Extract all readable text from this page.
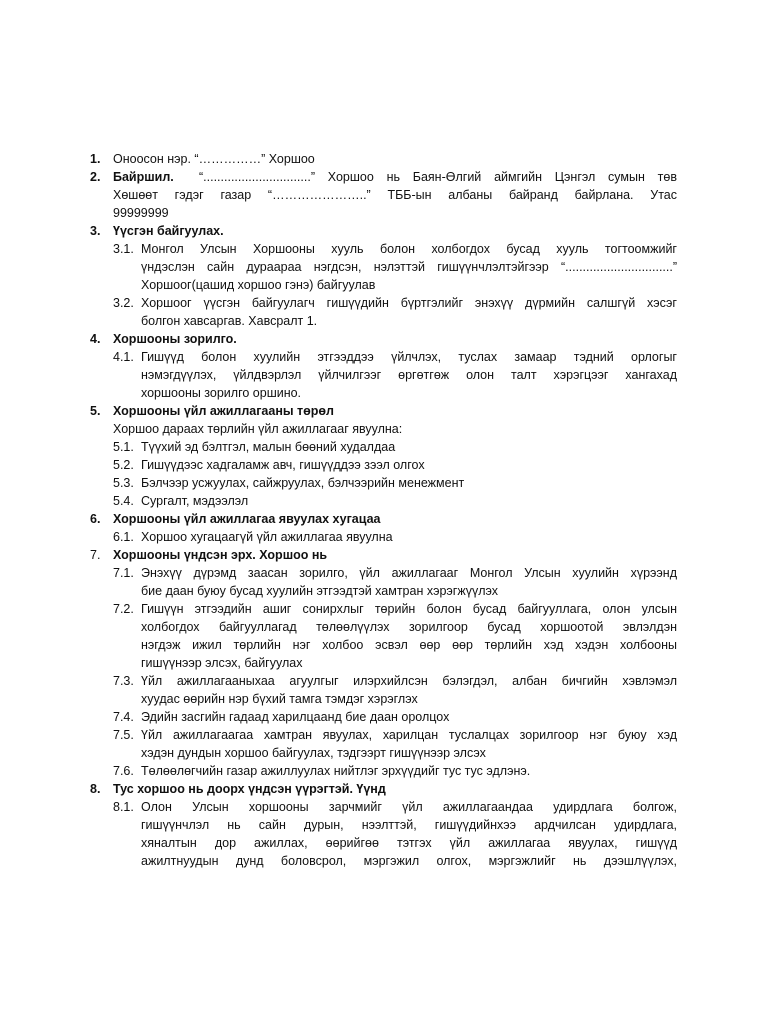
1. Оноосон нэр. “……………” Хоршоо
2. Байршил. “...............................” Хоршоо нь Баян-Өлгий аймгийн Цэнгэл сумын төв
Хөшөөт гэдэг газар “…………………..” ТББ-ын албаны байранд байрлана. Утас
99999999
3. Үүсгэн байгуулах.
3.1. Монгол Улсын Хоршооны хууль болон холбогдох бусад хууль тогтоомжийг
үндэслэн сайн дураараа нэгдсэн, нэлэттэй гишүүнчлэлтэйгээр “...............................”
Хоршоог(цашид хоршоо гэнэ) байгуулав
3.2. Хоршоог үүсгэн байгуулагч гишүүдийн бүртгэлийг энэхүү дүрмийн салшгүй хэсэг
болгон хавсаргав. Хавсралт 1.
4. Хоршооны зорилго.
4.1. Гишүүд болон хуулийн этгээддээ үйлчлэх, туслах замаар тэдний орлогыг
нэмэгдүүлэх, үйлдвэрлэл үйлчилгээг өргөтгөж олон талт хэрэгцээг хангахад
хоршооны зорилго оршино.
5. Хоршооны үйл ажиллагааны төрөл
Хоршоо дараах төрлийн үйл ажиллагааг явуулна:
5.1. Түүхий эд бэлтгэл, малын бөөний худалдаа
5.2. Гишүүдээс хадгаламж авч, гишүүддээ зээл олгох
5.3. Бэлчээр усжуулах, сайжруулах, бэлчээрийн менежмент
5.4. Сургалт, мэдээлэл
6. Хоршооны үйл ажиллагаа явуулах хугацаа
6.1. Хоршоо хугацаагүй үйл ажиллагаа явуулна
7. Хоршооны үндсэн эрх. Хоршоо нь
7.1. Энэхүү дүрэмд заасан зорилго, үйл ажиллагааг Монгол Улсын хуулийн хүрээнд
бие даан буюу бусад хуулийн этгээдтэй хамтран хэрэгжүүлэх
7.2. Гишүүн этгээдийн ашиг сонирхлыг төрийн болон бусад байгууллага, олон улсын
холбогдох байгууллагад төлөөлүүлэх зорилгоор бусад хоршоотой эвлэлдэн
нэгдэж ижил төрлийн нэг холбоо эсвэл өөр өөр төрлийн хэд хэдэн холбооны
гишүүнээр элсэх, байгуулах
7.3. Үйл ажиллагааныхаа агуулгыг илэрхийлсэн бэлэгдэл, албан бичгийн хэвлэмэл
хуудас өөрийн нэр бүхий тамга тэмдэг хэрэглэх
7.4. Эдийн засгийн гадаад харилцаанд бие даан оролцох
7.5. Үйл ажиллагаагаа хамтран явуулах, харилцан туслалцах зорилгоор нэг буюу хэд
хэдэн дундын хоршоо байгуулах, тэдгээрт гишүүнээр элсэх
7.6. Төлөөлөгчийн газар ажиллуулах нийтлэг эрхүүдийг тус тус эдлэнэ.
8. Тус хоршоо нь доорх үндсэн үүрэгтэй. Үүнд
8.1. Олон Улсын хоршооны зарчмийг үйл ажиллагаандаа удирдлага болгож,
гишүүнчлэл нь сайн дурын, нээлттэй, гишүүдийнхээ ардчилсан удирдлага,
хяналтын дор ажиллах, өөрийгөө тэтгэх үйл ажиллагаа явуулах, гишүүд
ажилтнуудын дунд боловсрол, мэргэжил олгох, мэргэжлийг нь дээшлүүлэх,
